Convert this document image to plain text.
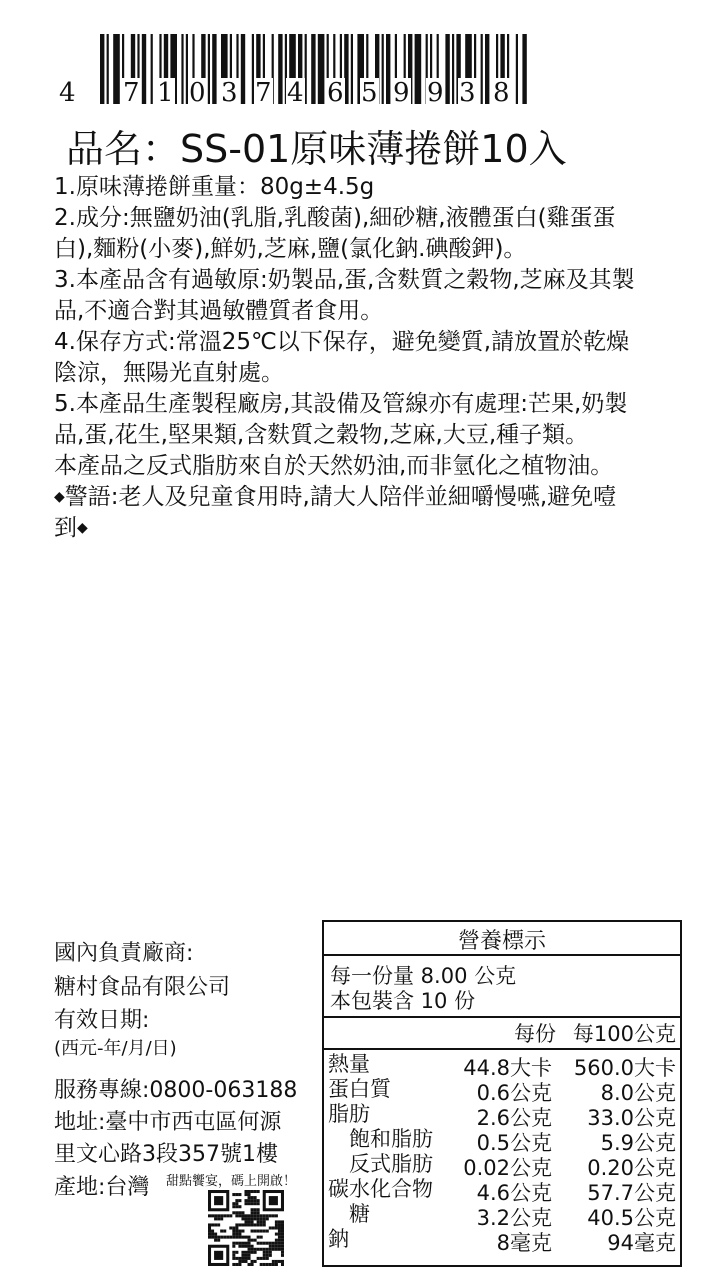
4 7 1 0 3 7 4 6 5 9 9 3 8
品名：SS-01原味薄捲餅10入

1.原味薄捲餅重量：80g±4.5g

2.成分:無鹽奶油(乳脂,乳酸菌),細砂糖,液體蛋白(雞蛋蛋

白),麵粉(小麥),鮮奶,芝麻,鹽(氯化鈉.碘酸鉀)。

3.本產品含有過敏原:奶製品,蛋,含麩質之穀物,芝麻及其製

品,不適合對其過敏體質者食用。

4.保存方式:常溫25℃以下保存，避免變質,請放置於乾燥

陰涼，無陽光直射處。

5.本產品生產製程廠房,其設備及管線亦有處理:芒果,奶製

品,蛋,花生,堅果類,含麩質之穀物,芝麻,大豆,種子類。

本產品之反式脂肪來自於天然奶油,而非氫化之植物油。

◆警語:老人及兒童食用時,請大人陪伴並細嚼慢嚥,避免噎

到◆

國內負責廠商:
糖村食品有限公司
有效日期:
(西元-年/月/日)
服務專線:0800-063188
地址:臺中市西屯區何源
里文心路3段357號1樓
產地:台灣 甜點饗宴，碼上開啟！
營養標示
每一份量 8.00 公克
本包裝含 10 份
每份 每100公克
熱量	44.8大卡	560.0大卡
蛋白質	0.6公克	8.0公克
脂肪	2.6公克	33.0公克
　飽和脂肪	0.5公克	5.9公克
　反式脂肪	0.02公克	0.20公克
碳水化合物	4.6公克	57.7公克
　糖	3.2公克	40.5公克
鈉	8毫克	94毫克
